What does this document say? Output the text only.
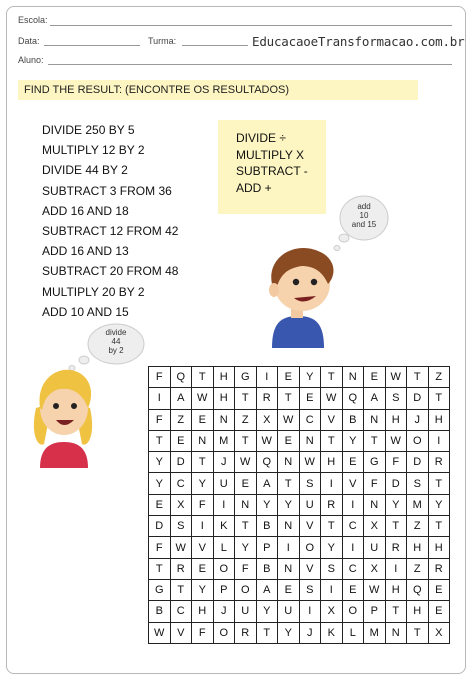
Escola:
Data:	Turma:	EducacaoeTransformacao.com.br
Aluno:
FIND THE RESULT: (ENCONTRE OS RESULTADOS)
DIVIDE 250 BY 5
MULTIPLY 12 BY 2
DIVIDE 44 BY 2
SUBTRACT 3 FROM 36
ADD 16 AND 18
SUBTRACT 12 FROM 42
ADD 16 AND 13
SUBTRACT 20 FROM 48
MULTIPLY 20 BY 2
ADD 10 AND 15
DIVIDE ÷
MULTIPLY X
SUBTRACT -
ADD +
add
10
and 15
divide
44
by 2
F	Q	T	H	G	I	E	Y	T	N	E	W	T	Z
I	A	W	H	T	R	T	E	W	Q	A	S	D	T
F	Z	E	N	Z	X	W	C	V	B	N	H	J	H
T	E	N	M	T	W	E	N	T	Y	T	W	O	I
Y	D	T	J	W	Q	N	W	H	E	G	F	D	R
Y	C	Y	U	E	A	T	S	I	V	F	D	S	T
E	X	F	I	N	Y	Y	U	R	I	N	Y	M	Y
D	S	I	K	T	B	N	V	T	C	X	T	Z	T
F	W	V	L	Y	P	I	O	Y	I	U	R	H	H
T	R	E	O	F	B	N	V	S	C	X	I	Z	R
G	T	Y	P	O	A	E	S	I	E	W	H	Q	E
B	C	H	J	U	Y	U	I	X	O	P	T	H	E
W	V	F	O	R	T	Y	J	K	L	M	N	T	X
